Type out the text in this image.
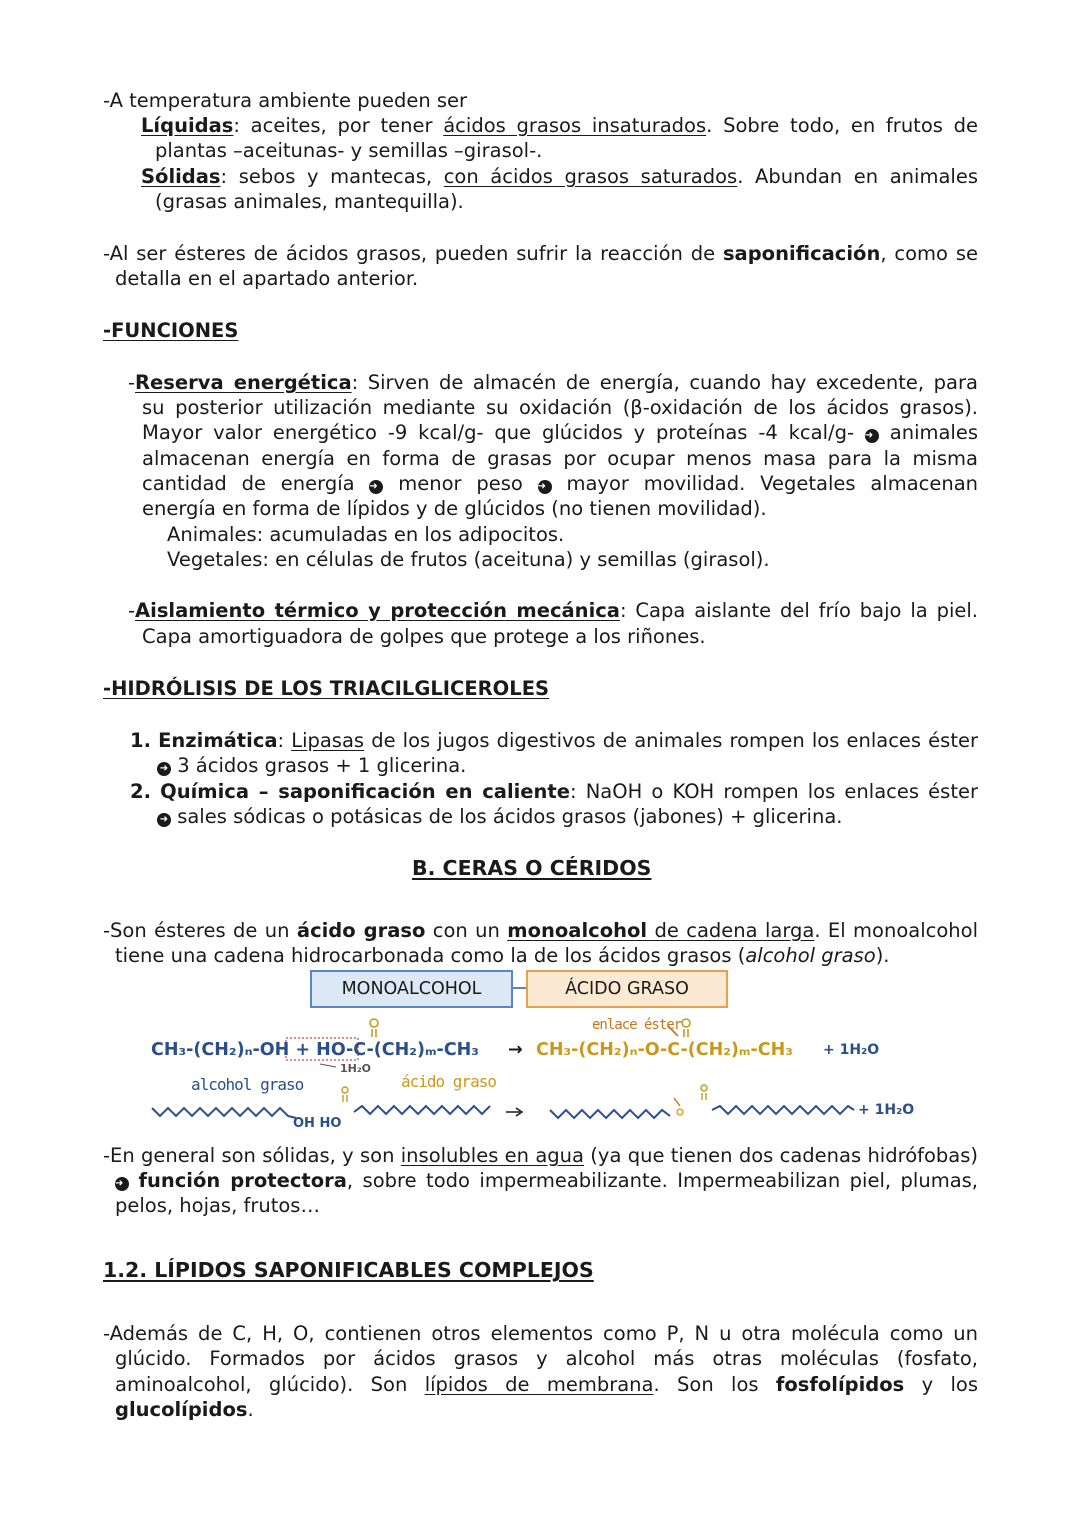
-A temperatura ambiente pueden ser
Líquidas: aceites, por tener ácidos grasos insaturados. Sobre todo, en frutos de
plantas –aceitunas- y semillas –girasol-.
Sólidas: sebos y mantecas, con ácidos grasos saturados. Abundan en animales
(grasas animales, mantequilla).
-Al ser ésteres de ácidos grasos, pueden sufrir la reacción de saponificación, como se
detalla en el apartado anterior.
-FUNCIONES
-Reserva energética: Sirven de almacén de energía, cuando hay excedente, para
su posterior utilización mediante su oxidación (β-oxidación de los ácidos grasos).
Mayor valor energético -9 kcal/g- que glúcidos y proteínas -4 kcal/g- ➜ animales
almacenan energía en forma de grasas por ocupar menos masa para la misma
cantidad de energía ➜ menor peso ➜ mayor movilidad. Vegetales almacenan
energía en forma de lípidos y de glúcidos (no tienen movilidad).
Animales: acumuladas en los adipocitos.
Vegetales: en células de frutos (aceituna) y semillas (girasol).
-Aislamiento térmico y protección mecánica: Capa aislante del frío bajo la piel.
Capa amortiguadora de golpes que protege a los riñones.
-HIDRÓLISIS DE LOS TRIACILGLICEROLES
1. Enzimática: Lipasas de los jugos digestivos de animales rompen los enlaces éster
➜ 3 ácidos grasos + 1 glicerina.
2. Química – saponificación en caliente: NaOH o KOH rompen los enlaces éster
➜ sales sódicas o potásicas de los ácidos grasos (jabones) + glicerina.
B. CERAS O CÉRIDOS
-Son ésteres de un ácido graso con un monoalcohol de cadena larga. El monoalcohol
tiene una cadena hidrocarbonada como la de los ácidos grasos (alcohol graso).
MONOALCOHOL	ÁCIDO GRASO
enlace éster
CH₃-(CH₂)ₙ-OH + HO-C-(CH₂)ₘ-CH₃ → CH₃-(CH₂)ₙ-O-C-(CH₂)ₘ-CH₃ + 1H₂O
1H₂O
alcohol graso	ácido graso
OH HO
+ 1H₂O
-En general son sólidas, y son insolubles en agua (ya que tienen dos cadenas hidrófobas)
➜ función protectora, sobre todo impermeabilizante. Impermeabilizan piel, plumas,
pelos, hojas, frutos…
1.2. LÍPIDOS SAPONIFICABLES COMPLEJOS
-Además de C, H, O, contienen otros elementos como P, N u otra molécula como un
glúcido. Formados por ácidos grasos y alcohol más otras moléculas (fosfato,
aminoalcohol, glúcido). Son lípidos de membrana. Son los fosfolípidos y los
glucolípidos.
